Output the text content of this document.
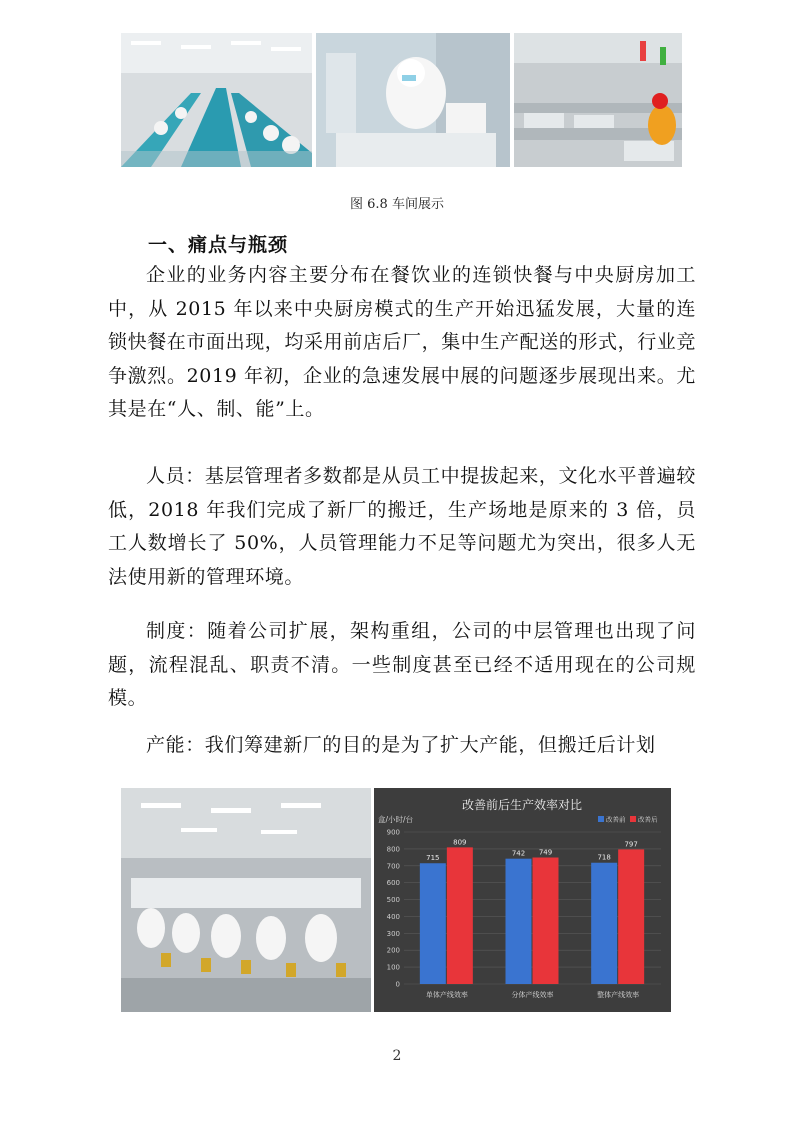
图 6.8 车间展示
一、痛点与瓶颈

企业的业务内容主要分布在餐饮业的连锁快餐与中央厨房加工中，从 2015 年以来中央厨房模式的生产开始迅猛发展，大量的连锁快餐在市面出现，均采用前店后厂，集中生产配送的形式，行业竞争激烈。2019 年初，企业的急速发展中展的问题逐步展现出来。尤其是在“人、制、能”上。

人员：基层管理者多数都是从员工中提拔起来，文化水平普遍较低，2018 年我们完成了新厂的搬迁，生产场地是原来的 3 倍，员工人数增长了 50%，人员管理能力不足等问题尤为突出，很多人无法使用新的管理环境。

制度：随着公司扩展，架构重组，公司的中层管理也出现了问题，流程混乱、职责不清。一些制度甚至已经不适用现在的公司规模。

产能：我们筹建新厂的目的是为了扩大产能，但搬迁后计划

改善前后生产效率对比
盒/小时/台
0
100
200
300
400
500
600
700
800
900
715
809
单体产线效率
742 749
分体产线效率
718
797
整体产线效率
改善前 改善后
2
